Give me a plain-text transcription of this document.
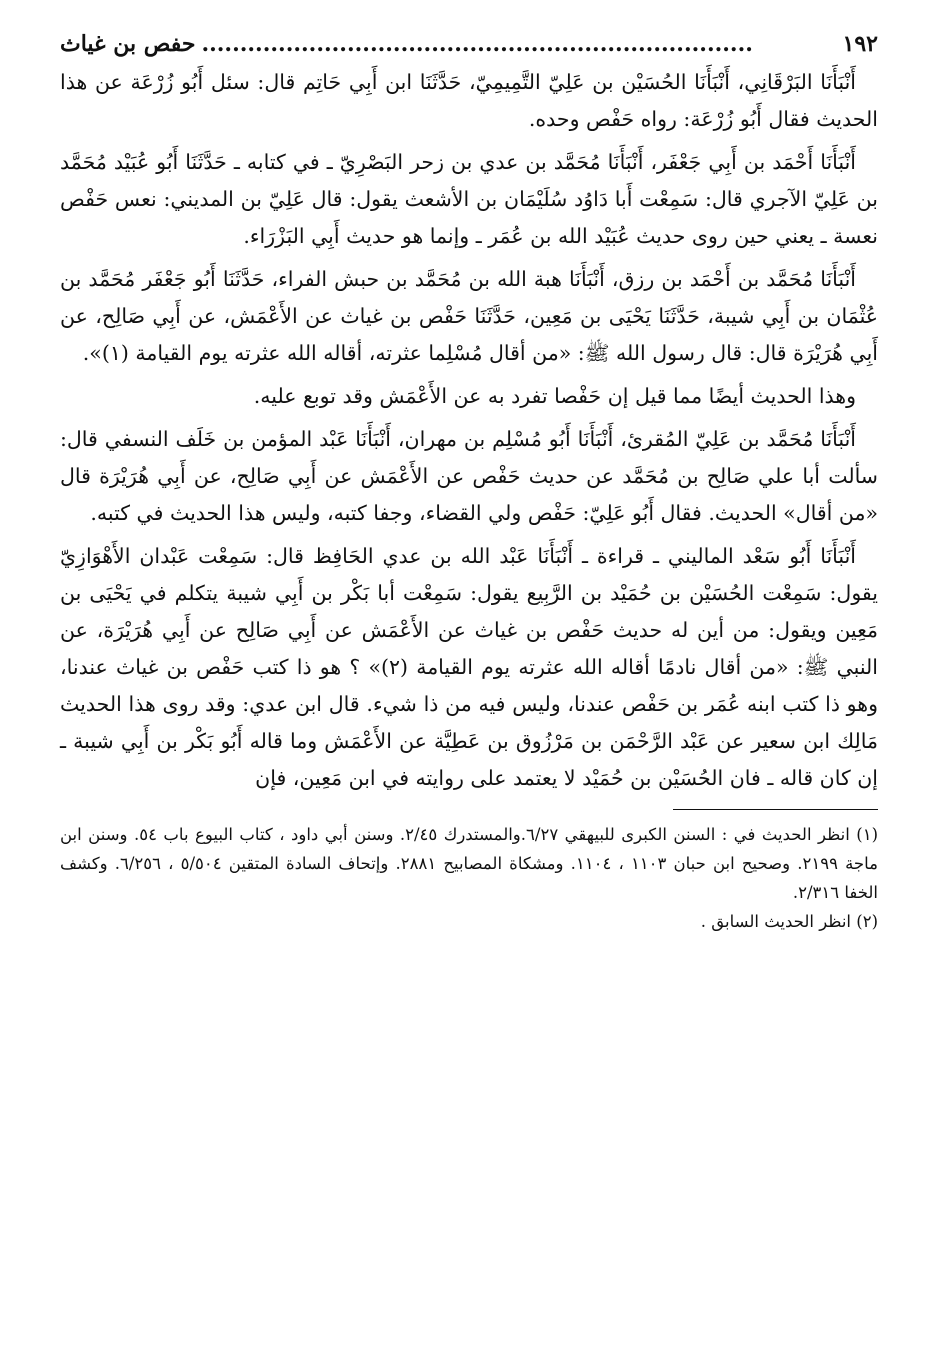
١٩٢
........................................................................
حفص بن غياث

أَنْبَأَنَا البَرْقَانِي، أَنْبَأَنَا الحُسَيْن بن عَلِيّ التَّمِيمِيّ، حَدَّثَنَا ابن أَبِي حَاتِم قال: سئل أَبُو زُرْعَة عن هذا الحديث فقال أَبُو زُرْعَة: رواه حَفْص وحده.

أَنْبَأَنَا أَحْمَد بن أَبِي جَعْفَر، أَنْبَأَنَا مُحَمَّد بن عدي بن زحر البَصْرِيّ ـ في كتابه ـ حَدَّثَنَا أَبُو عُبَيْد مُحَمَّد بن عَلِيّ الآجري قال: سَمِعْت أَبا دَاوُد سُلَيْمَان بن الأشعث يقول: قال عَلِيّ بن المديني: نعس حَفْص نعسة ـ يعني حين روى حديث عُبَيْد الله بن عُمَر ـ وإنما هو حديث أَبِي البَزْرَاء.

أَنْبَأَنَا مُحَمَّد بن أَحْمَد بن رزق، أَنْبَأَنَا هبة الله بن مُحَمَّد بن حبش الفراء، حَدَّثَنَا أَبُو جَعْفَر مُحَمَّد بن عُثْمَان بن أَبِي شيبة، حَدَّثَنَا يَحْيَى بن مَعِين، حَدَّثَنَا حَفْص بن غياث عن الأَعْمَش، عن أَبِي صَالِح، عن أَبِي هُرَيْرَة قال: قال رسول الله ﷺ: «من أقال مُسْلِما عثرته، أقاله الله عثرته يوم القيامة (١)».

وهذا الحديث أيضًا مما قيل إن حَفْصا تفرد به عن الأَعْمَش وقد توبع عليه.

أَنْبَأَنَا مُحَمَّد بن عَلِيّ المُقرئ، أَنْبَأَنَا أَبُو مُسْلِم بن مهران، أَنْبَأَنَا عَبْد المؤمن بن خَلَف النسفي قال: سألت أبا علي صَالِح بن مُحَمَّد عن حديث حَفْص عن الأَعْمَش عن أَبِي صَالِح، عن أَبِي هُرَيْرَة قال «من أقال» الحديث. فقال أَبُو عَلِيّ: حَفْص ولي القضاء، وجفا كتبه، وليس هذا الحديث في كتبه.

أَنْبَأَنَا أَبُو سَعْد الماليني ـ قراءة ـ أَنْبَأَنَا عَبْد الله بن عدي الحَافِظ قال: سَمِعْت عَبْدان الأَهْوَازِيّ يقول: سَمِعْت الحُسَيْن بن حُمَيْد بن الرَّبِيع يقول: سَمِعْت أبا بَكْر بن أَبِي شيبة يتكلم في يَحْيَى بن مَعِين ويقول: من أين له حديث حَفْص بن غياث عن الأَعْمَش عن أَبِي صَالِح عن أَبِي هُرَيْرَة، عن النبي ﷺ: «من أقال نادمًا أقاله الله عثرته يوم القيامة (٢)» ؟ هو ذا كتب حَفْص بن غياث عندنا، وهو ذا كتب ابنه عُمَر بن حَفْص عندنا، وليس فيه من ذا شيء. قال ابن عدي: وقد روى هذا الحديث مَالِك ابن سعير عن عَبْد الرَّحْمَن بن مَرْزُوق بن عَطِيَّة عن الأَعْمَش وما قاله أَبُو بَكْر بن أَبِي شيبة ـ إن كان قاله ـ فان الحُسَيْن بن حُمَيْد لا يعتمد على روايته في ابن مَعِين، فإن

(١) انظر الحديث في : السنن الكبرى للبيهقي ٦/٢٧.والمستدرك ٢/٤٥. وسنن أبي داود ، كتاب البيوع باب ٥٤. وسنن ابن ماجة ٢١٩٩. وصحيح ابن حبان ١١٠٣ ، ١١٠٤. ومشكاة المصابيح ٢٨٨١. وإتحاف السادة المتقين ٥/٥٠٤ ، ٦/٢٥٦. وكشف الخفا ٢/٣١٦.

(٢) انظر الحديث السابق .
